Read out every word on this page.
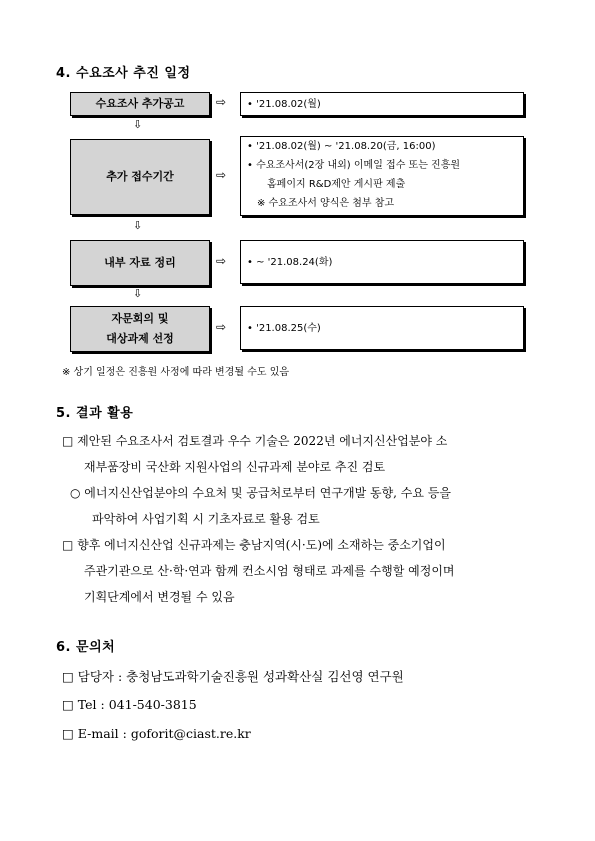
4. 수요조사 추진 일정
수요조사 추가공고	⇨ • '21.08.02(월)
⇩
추가 접수기간	⇨
• '21.08.02(월) ~ '21.08.20(금, 16:00)
• 수요조사서(2장 내외) 이메일 접수 또는 진흥원
홈페이지 R&D제안 게시판 제출
※ 수요조사서 양식은 첨부 참고
⇩
내부 자료 정리	⇨ • ~ '21.08.24(화)
⇩
자문회의 및
대상과제 선정
⇨ • '21.08.25(수)
※ 상기 일정은 진흥원 사정에 따라 변경될 수도 있음
5. 결과 활용
□ 제안된 수요조사서 검토결과 우수 기술은 2022년 에너지신산업분야 소
재부품장비 국산화 지원사업의 신규과제 분야로 추진 검토
○ 에너지신산업분야의 수요처 및 공급처로부터 연구개발 동향, 수요 등을
파악하여 사업기획 시 기초자료로 활용 검토
□ 향후 에너지신산업 신규과제는 충남지역(시·도)에 소재하는 중소기업이
주관기관으로 산·학·연과 함께 컨소시엄 형태로 과제를 수행할 예정이며
기획단계에서 변경될 수 있음
6. 문의처
□ 담당자 : 충청남도과학기술진흥원 성과확산실 김선영 연구원
□ Tel : 041-540-3815
□ E-mail : goforit@ciast.re.kr
